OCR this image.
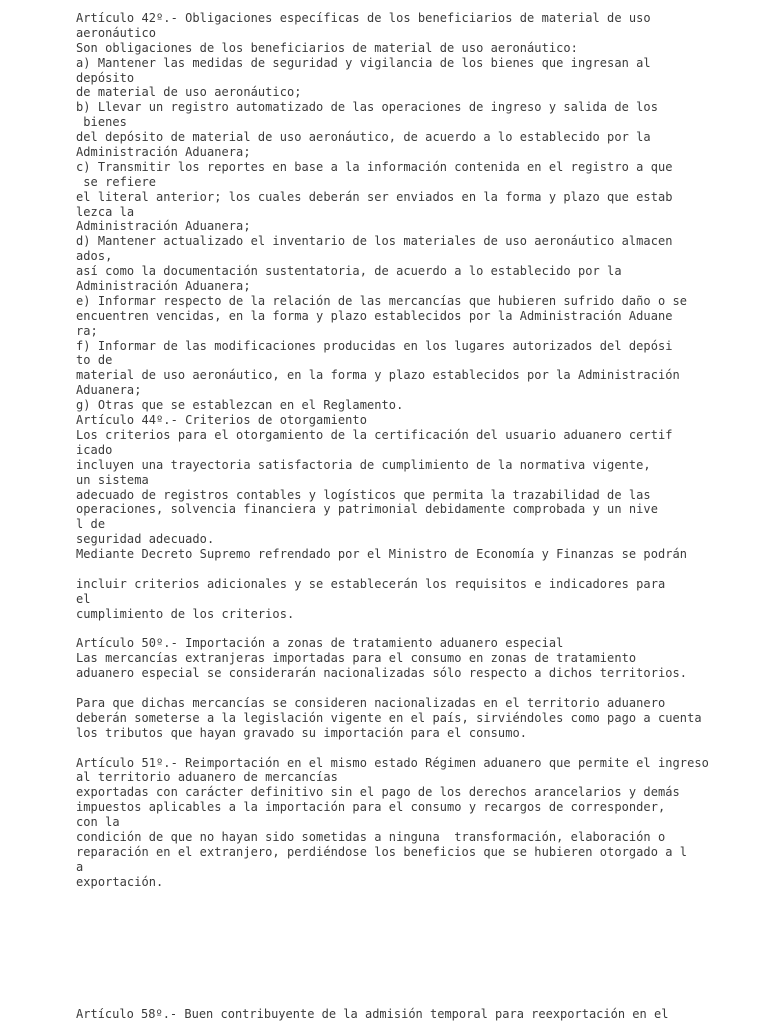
Artículo 42º.- Obligaciones específicas de los beneficiarios de material de uso
aeronáutico
Son obligaciones de los beneficiarios de material de uso aeronáutico:
a) Mantener las medidas de seguridad y vigilancia de los bienes que ingresan al
depósito
de material de uso aeronáutico;
b) Llevar un registro automatizado de las operaciones de ingreso y salida de los
bienes
del depósito de material de uso aeronáutico, de acuerdo a lo establecido por la
Administración Aduanera;
c) Transmitir los reportes en base a la información contenida en el registro a que
se refiere
el literal anterior; los cuales deberán ser enviados en la forma y plazo que estab
lezca la
Administración Aduanera;
d) Mantener actualizado el inventario de los materiales de uso aeronáutico almacen
ados,
así como la documentación sustentatoria, de acuerdo a lo establecido por la
Administración Aduanera;
e) Informar respecto de la relación de las mercancías que hubieren sufrido daño o se
encuentren vencidas, en la forma y plazo establecidos por la Administración Aduane
ra;
f) Informar de las modificaciones producidas en los lugares autorizados del depósi
to de
material de uso aeronáutico, en la forma y plazo establecidos por la Administración
Aduanera;
g) Otras que se establezcan en el Reglamento.
Artículo 44º.- Criterios de otorgamiento
Los criterios para el otorgamiento de la certificación del usuario aduanero certif
icado
incluyen una trayectoria satisfactoria de cumplimiento de la normativa vigente,
un sistema
adecuado de registros contables y logísticos que permita la trazabilidad de las
operaciones, solvencia financiera y patrimonial debidamente comprobada y un nive
l de
seguridad adecuado.
Mediante Decreto Supremo refrendado por el Ministro de Economía y Finanzas se podrán
incluir criterios adicionales y se establecerán los requisitos e indicadores para
el
cumplimiento de los criterios.
Artículo 50º.- Importación a zonas de tratamiento aduanero especial
Las mercancías extranjeras importadas para el consumo en zonas de tratamiento
aduanero especial se considerarán nacionalizadas sólo respecto a dichos territorios.
Para que dichas mercancías se consideren nacionalizadas en el territorio aduanero
deberán someterse a la legislación vigente en el país, sirviéndoles como pago a cuenta
los tributos que hayan gravado su importación para el consumo.
Artículo 51º.- Reimportación en el mismo estado Régimen aduanero que permite el ingreso
al territorio aduanero de mercancías
exportadas con carácter definitivo sin el pago de los derechos arancelarios y demás
impuestos aplicables a la importación para el consumo y recargos de corresponder,
con la
condición de que no hayan sido sometidas a ninguna  transformación, elaboración o
reparación en el extranjero, perdiéndose los beneficios que se hubieren otorgado a l
a
exportación.
Artículo 58º.- Buen contribuyente de la admisión temporal para reexportación en el
